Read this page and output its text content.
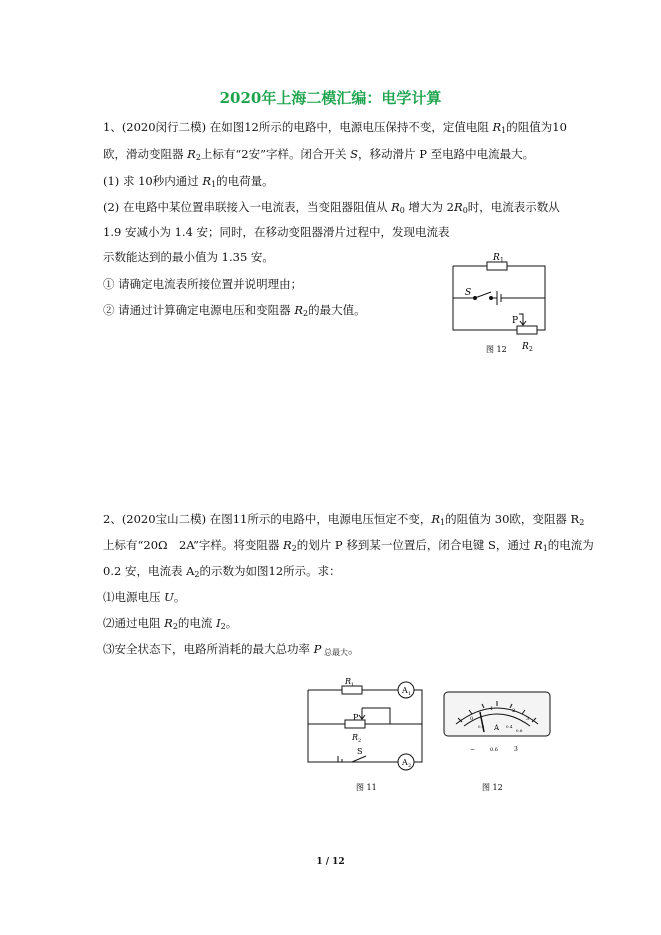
2020年上海二模汇编：电学计算
1、(2020闵行二模) 在如图12所示的电路中，电源电压保持不变，定值电阻 $R_1$的阻值为10
欧，滑动变阻器 $R_2$上标有“2安”字样。闭合开关 S，移动滑片 P 至电路中电流最大。
(1) 求 10秒内通过 $R_1$的电荷量。
(2) 在电路中某位置串联接入一电流表，当变阻器阻值从 $R_0$ 增大为 $2R_0$时，电流表示数从
1.9 安减小为 1.4 安；同时，在移动变阻器滑片过程中，发现电流表
示数能达到的最小值为 1.35 安。
① 请确定电流表所接位置并说明理由；
② 请通过计算确定电源电压和变阻器 $R_2$的最大值。
R 1
S
P
R 2
图 12
2、(2020宝山二模) 在图11所示的电路中，电源电压恒定不变，$R_1$的阻值为 30欧，变阻器 $R_2$
上标有“20Ω　2A”字样。将变阻器 $R_2$的划片 P 移到某一位置后，闭合电键 S，通过 $R_1$的电流为
0.2 安，电流表 $A_2$的示数为如图12所示。求：
⑴电源电压 U。
⑵通过电阻 $R_2$的电流 $I_2$。
⑶安全状态下，电路所消耗的最大总功率 P $_{总最大}$。
R 1
A 1
P
R 2
S
A 2
图 11
0
1	2
3
0.2	0.4
0.6
A
−	0.6	3
图 12
1 / 12
